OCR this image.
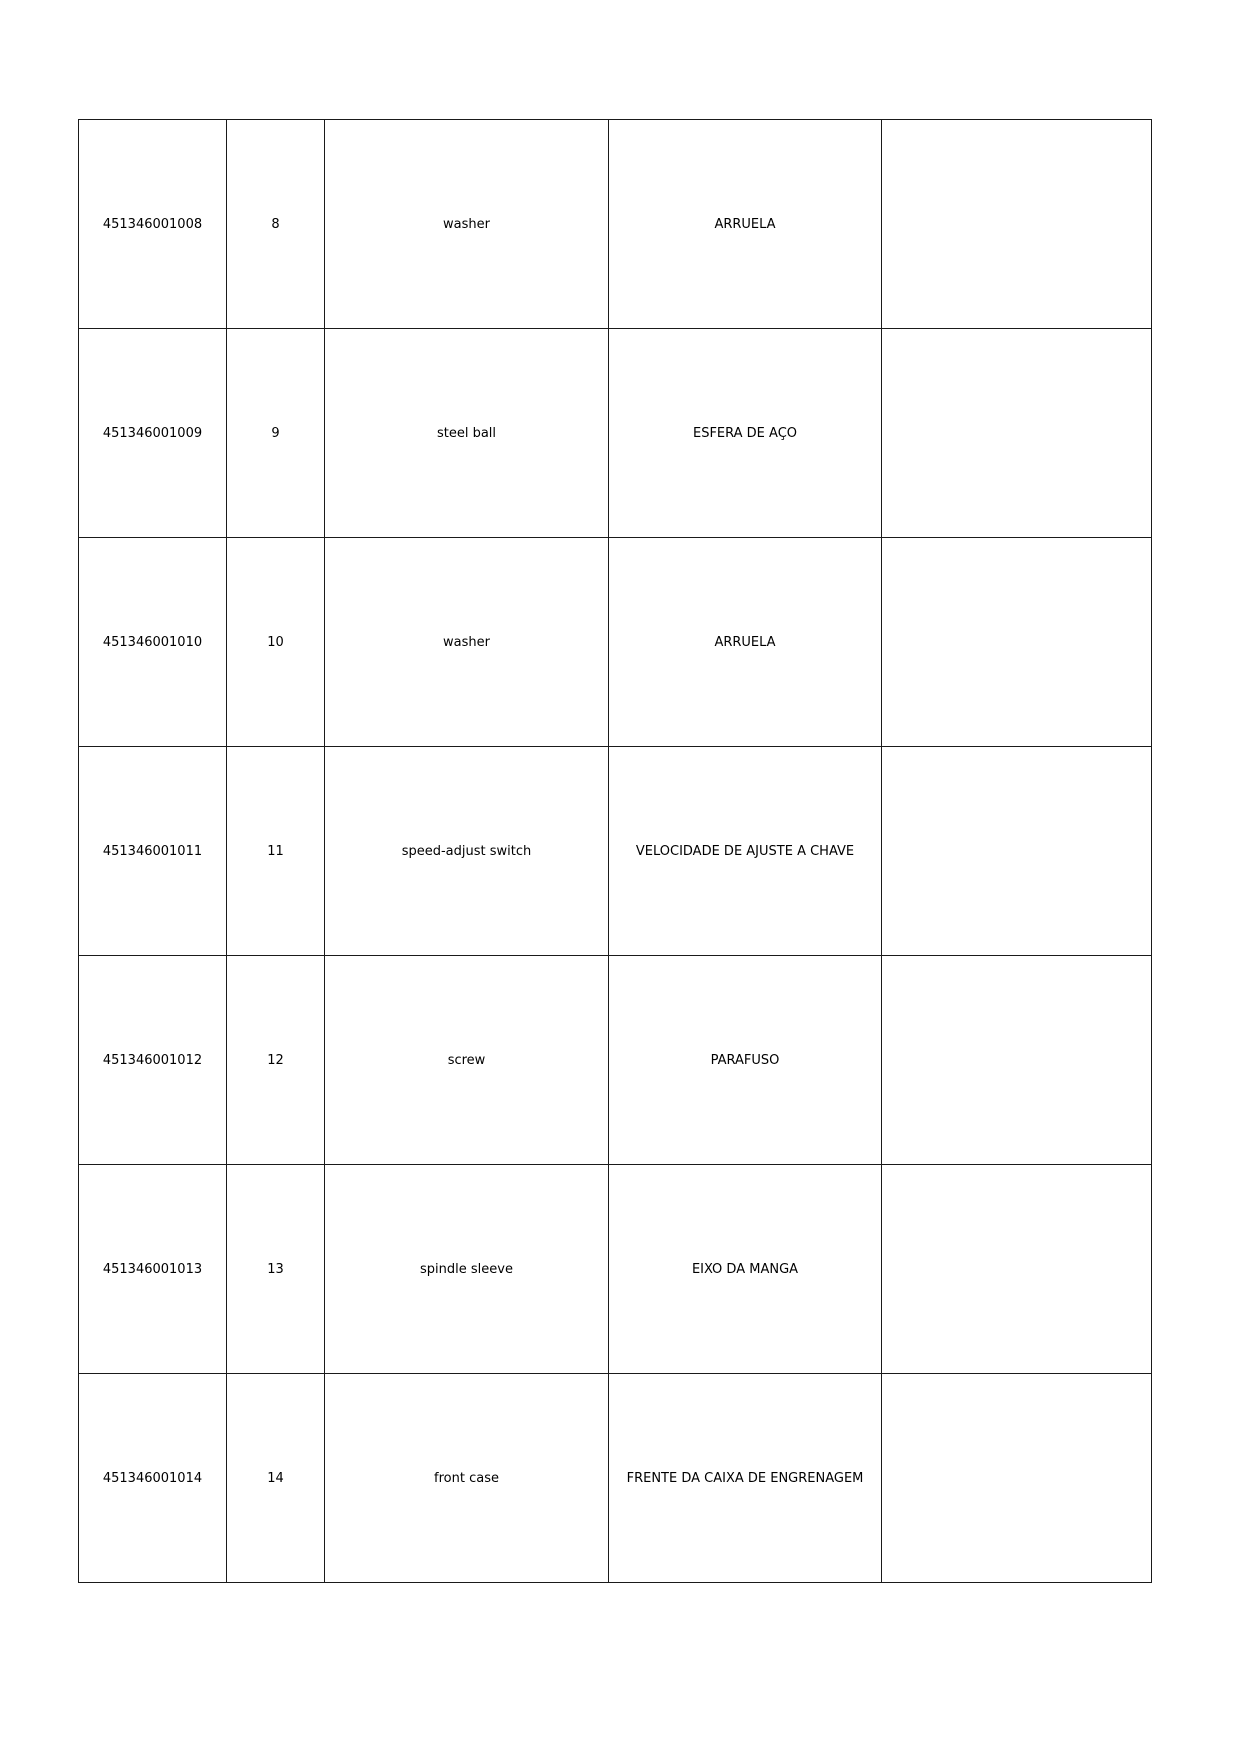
451346001008	8	washer	ARRUELA	
451346001009	9	steel ball	ESFERA DE AÇO	
451346001010	10	washer	ARRUELA	
451346001011	11	speed-adjust switch	VELOCIDADE DE AJUSTE A CHAVE	
451346001012	12	screw	PARAFUSO	
451346001013	13	spindle sleeve	EIXO DA MANGA	
451346001014	14	front case	FRENTE DA CAIXA DE ENGRENAGEM	
